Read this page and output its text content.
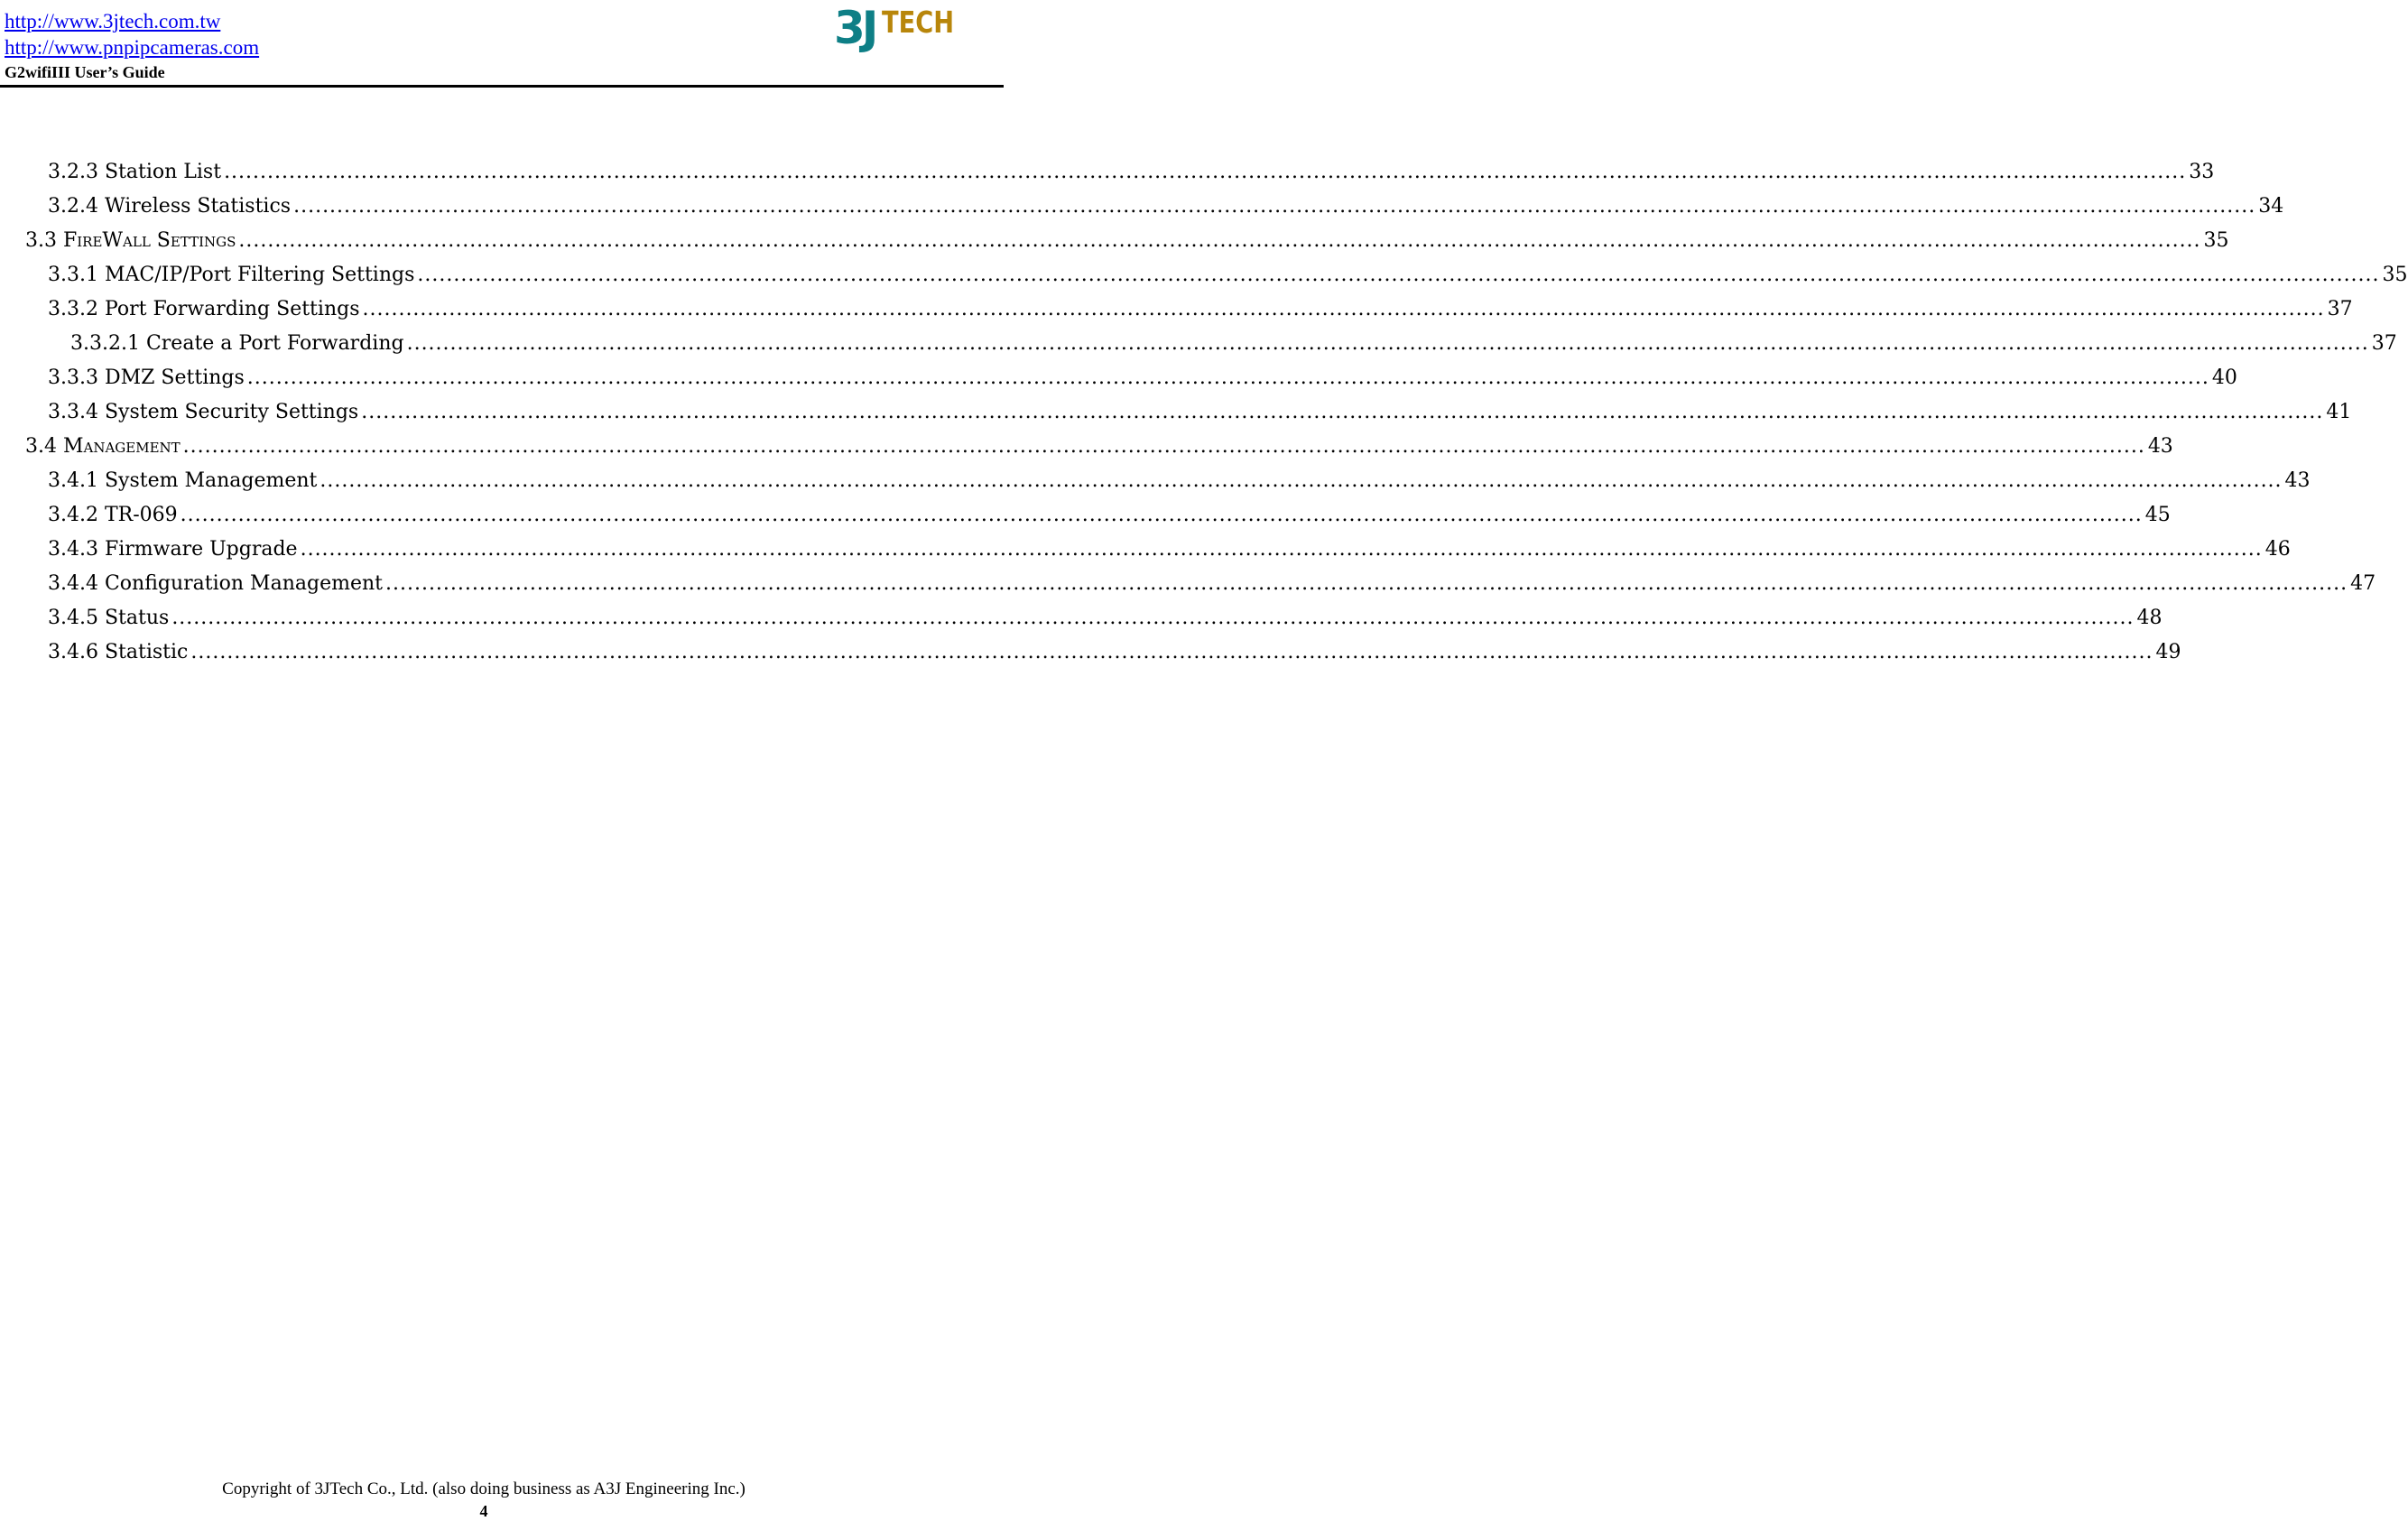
http://www.3jtech.com.tw
http://www.pnpipcameras.com
G2wifiIII User’s Guide
3J TECH
3.2.3 Station List .....	33
3.2.4 Wireless Statistics .....	34
3.3 FireWall Settings .....	35
3.3.1 MAC/IP/Port Filtering Settings .....	35
3.3.2 Port Forwarding Settings .....	37
3.3.2.1 Create a Port Forwarding .....	37
3.3.3 DMZ Settings .....	40
3.3.4 System Security Settings .....	41
3.4 Management .....	43
3.4.1 System Management .....	43
3.4.2 TR-069 .....	45
3.4.3 Firmware Upgrade .....	46
3.4.4 Configuration Management .....	47
3.4.5 Status .....	48
3.4.6 Statistic .....	49
Copyright of 3JTech Co., Ltd. (also doing business as A3J Engineering Inc.)
4
